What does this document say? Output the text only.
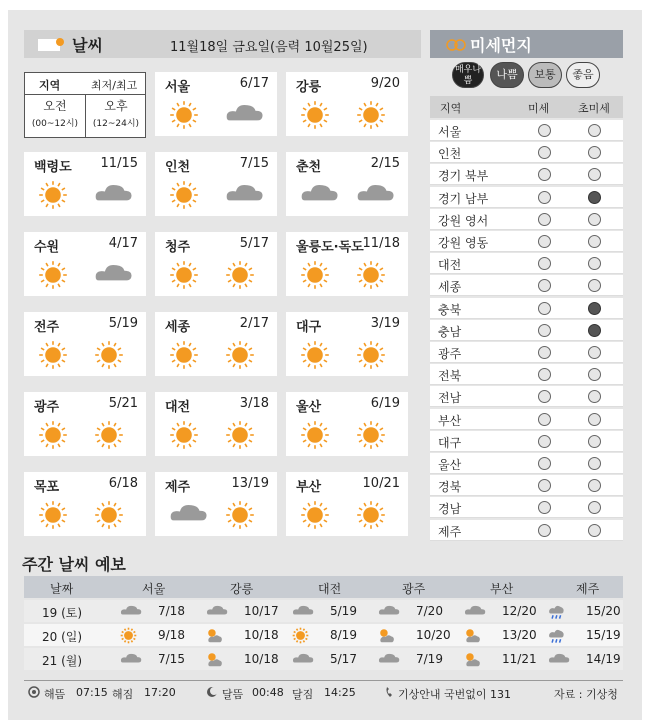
날씨	11월18일 금요일(음력 10월25일)	미세먼지
지역	최저/최고
오전
(00~12시)
오후
(12~24시)
서울	6/17 강릉	9/20
백령도 11/15 인천	7/15 춘천	2/15
수원	4/17 청주	5/17 울릉도·독도
11/18
전주	5/19 세종	2/17 대구	3/19
광주	5/21 대전	3/18 울산	6/19
목포	6/18 제주	13/19 부산	10/21
매우나쁨	나쁨	보통	좋음
지역	미세	초미세
서울
인천
경기 북부
경기 남부
강원 영서
강원 영동
대전
세종
충북
충남
광주
전북
전남
부산
대구
울산
경북
경남
제주
주간 날씨 예보
날짜	서울	강릉	대전	광주	부산	제주
19 (토)	7/18	10/17	5/19	7/20	12/20	15/20
20 (일)	9/18	10/18	8/19	10/20	13/20	15/19
21 (월)	7/15	10/18	5/17	7/19	11/21	14/19
해뜸 07:15 해짐 17:20	달뜸 00:48 달짐 14:25	기상안내 국번없이 131	자료 : 기상청
